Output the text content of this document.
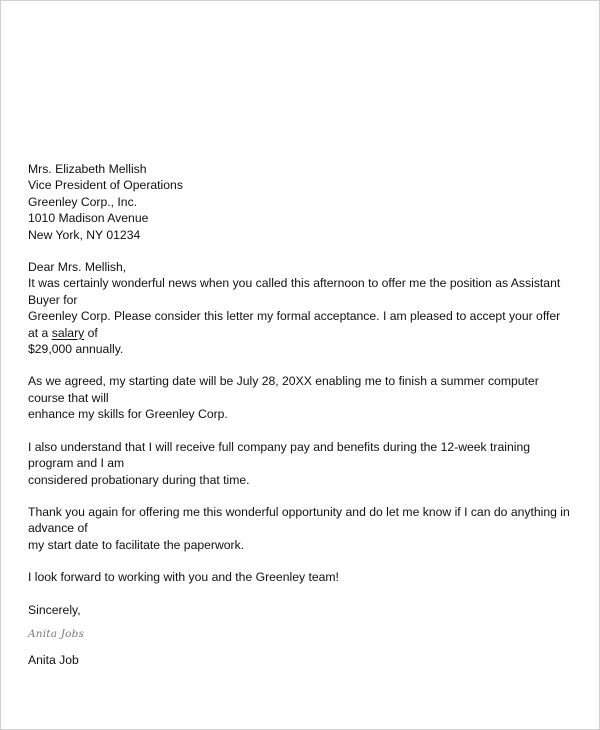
Mrs. Elizabeth Mellish

Vice President of Operations

Greenley Corp., Inc.

1010 Madison Avenue

New York, NY 01234

Dear Mrs. Mellish,

It was certainly wonderful news when you called this afternoon to offer me the position as Assistant Buyer for

Greenley Corp. Please consider this letter my formal acceptance. I am pleased to accept your offer at a salary of

$29,000 annually.

As we agreed, my starting date will be July 28, 20XX enabling me to finish a summer computer course that will

enhance my skills for Greenley Corp.

I also understand that I will receive full company pay and benefits during the 12-week training program and I am

considered probationary during that time.

Thank you again for offering me this wonderful opportunity and do let me know if I can do anything in advance of

my start date to facilitate the paperwork.

I look forward to working with you and the Greenley team!

Sincerely,

Anita Jobs

Anita Job
